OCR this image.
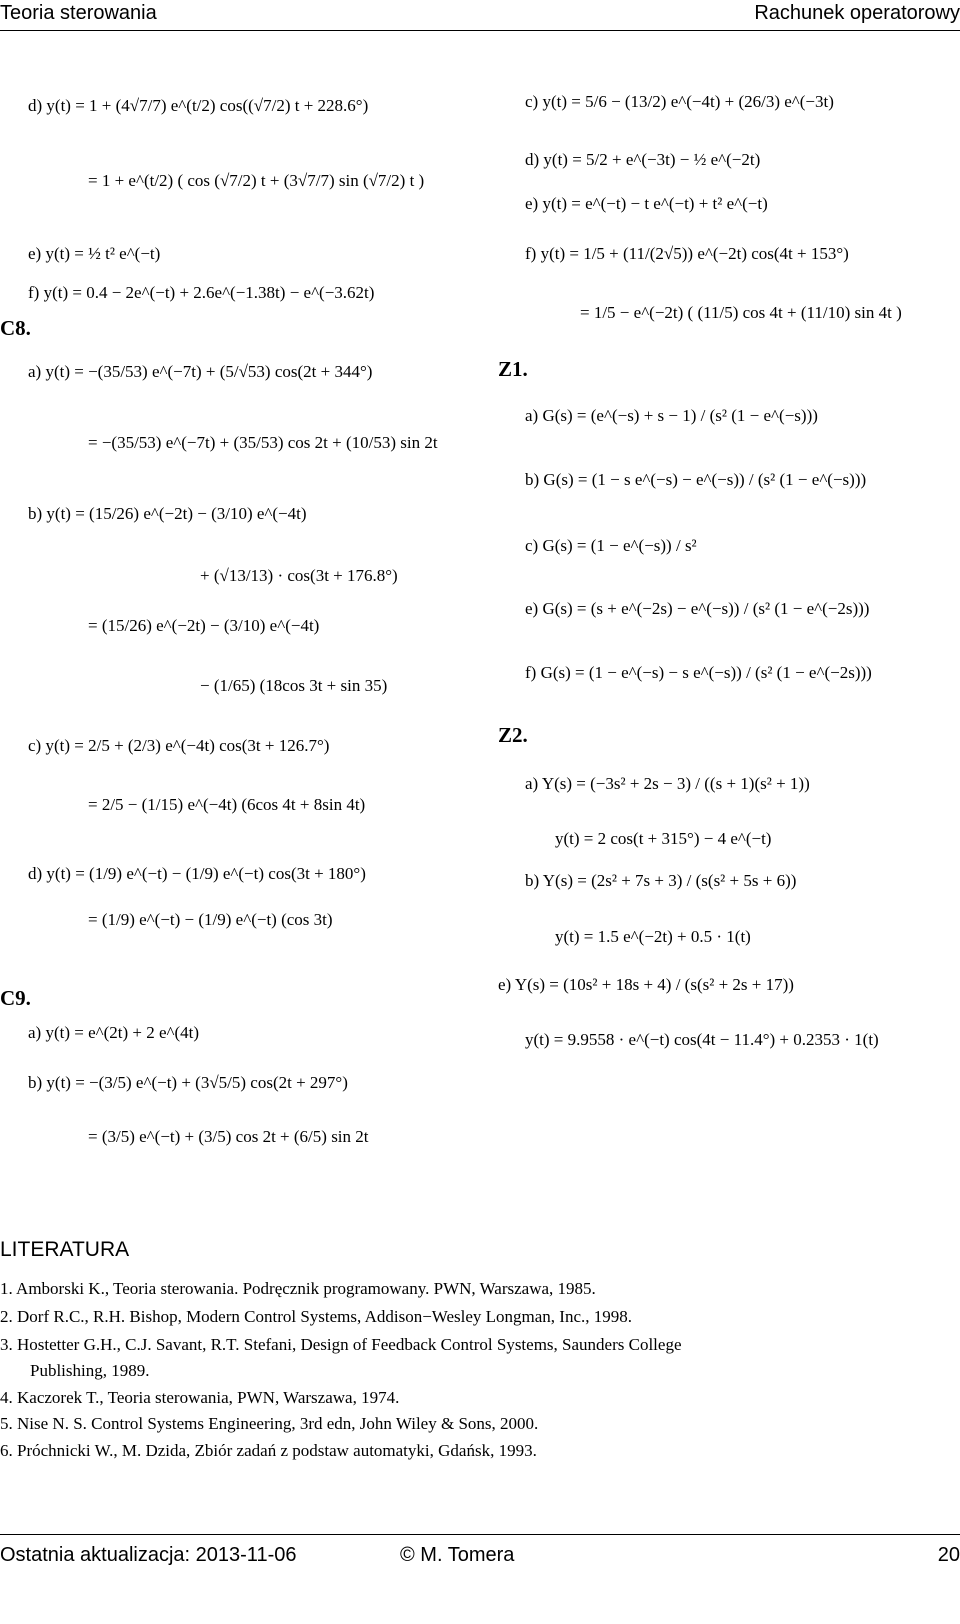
Teoria sterowania	Rachunek operatorowy
C8.
C9.
Z1.
Z2.
d) y(t) = 1 + (4√7/7) e^(t/2) cos((√7/2) t + 228.6°)
= 1 + e^(t/2) ( cos (√7/2) t + (3√7/7) sin (√7/2) t )
e) y(t) = ½ t² e^(−t)
f) y(t) = 0.4 − 2e^(−t) + 2.6e^(−1.38t) − e^(−3.62t)
a) y(t) = −(35/53) e^(−7t) + (5/√53) cos(2t + 344°)
= −(35/53) e^(−7t) + (35/53) cos 2t + (10/53) sin 2t
b) y(t) = (15/26) e^(−2t) − (3/10) e^(−4t)
+ (√13/13) · cos(3t + 176.8°)
= (15/26) e^(−2t) − (3/10) e^(−4t)
− (1/65) (18cos 3t + sin 35)
c) y(t) = 2/5 + (2/3) e^(−4t) cos(3t + 126.7°)
= 2/5 − (1/15) e^(−4t) (6cos 4t + 8sin 4t)
d) y(t) = (1/9) e^(−t) − (1/9) e^(−t) cos(3t + 180°)
= (1/9) e^(−t) − (1/9) e^(−t) (cos 3t)
a) y(t) = e^(2t) + 2 e^(4t)
b) y(t) = −(3/5) e^(−t) + (3√5/5) cos(2t + 297°)
= (3/5) e^(−t) + (3/5) cos 2t + (6/5) sin 2t
c) y(t) = 5/6 − (13/2) e^(−4t) + (26/3) e^(−3t)
d) y(t) = 5/2 + e^(−3t) − ½ e^(−2t)
e) y(t) = e^(−t) − t e^(−t) + t² e^(−t)
f) y(t) = 1/5 + (11/(2√5)) e^(−2t) cos(4t + 153°)
= 1/5 − e^(−2t) ( (11/5) cos 4t + (11/10) sin 4t )
a) G(s) = (e^(−s) + s − 1) / (s² (1 − e^(−s)))
b) G(s) = (1 − s e^(−s) − e^(−s)) / (s² (1 − e^(−s)))
c) G(s) = (1 − e^(−s)) / s²
e) G(s) = (s + e^(−2s) − e^(−s)) / (s² (1 − e^(−2s)))
f) G(s) = (1 − e^(−s) − s e^(−s)) / (s² (1 − e^(−2s)))
a) Y(s) = (−3s² + 2s − 3) / ((s + 1)(s² + 1))
y(t) = 2 cos(t + 315°) − 4 e^(−t)
b) Y(s) = (2s² + 7s + 3) / (s(s² + 5s + 6))
y(t) = 1.5 e^(−2t) + 0.5 · 1(t)
e) Y(s) = (10s² + 18s + 4) / (s(s² + 2s + 17))
y(t) = 9.9558 · e^(−t) cos(4t − 11.4°) + 0.2353 · 1(t)
LITERATURA
1. Amborski K., Teoria sterowania. Podręcznik programowany. PWN, Warszawa, 1985.
2. Dorf R.C., R.H. Bishop, Modern Control Systems, Addison−Wesley Longman, Inc., 1998.
3. Hostetter G.H., C.J. Savant, R.T. Stefani, Design of Feedback Control Systems, Saunders College
Publishing, 1989.
4. Kaczorek T., Teoria sterowania, PWN, Warszawa, 1974.
5. Nise N. S. Control Systems Engineering, 3rd edn, John Wiley & Sons, 2000.
6. Próchnicki W., M. Dzida, Zbiór zadań z podstaw automatyki, Gdańsk, 1993.
Ostatnia aktualizacja: 2013-11-06	© M. Tomera	20
